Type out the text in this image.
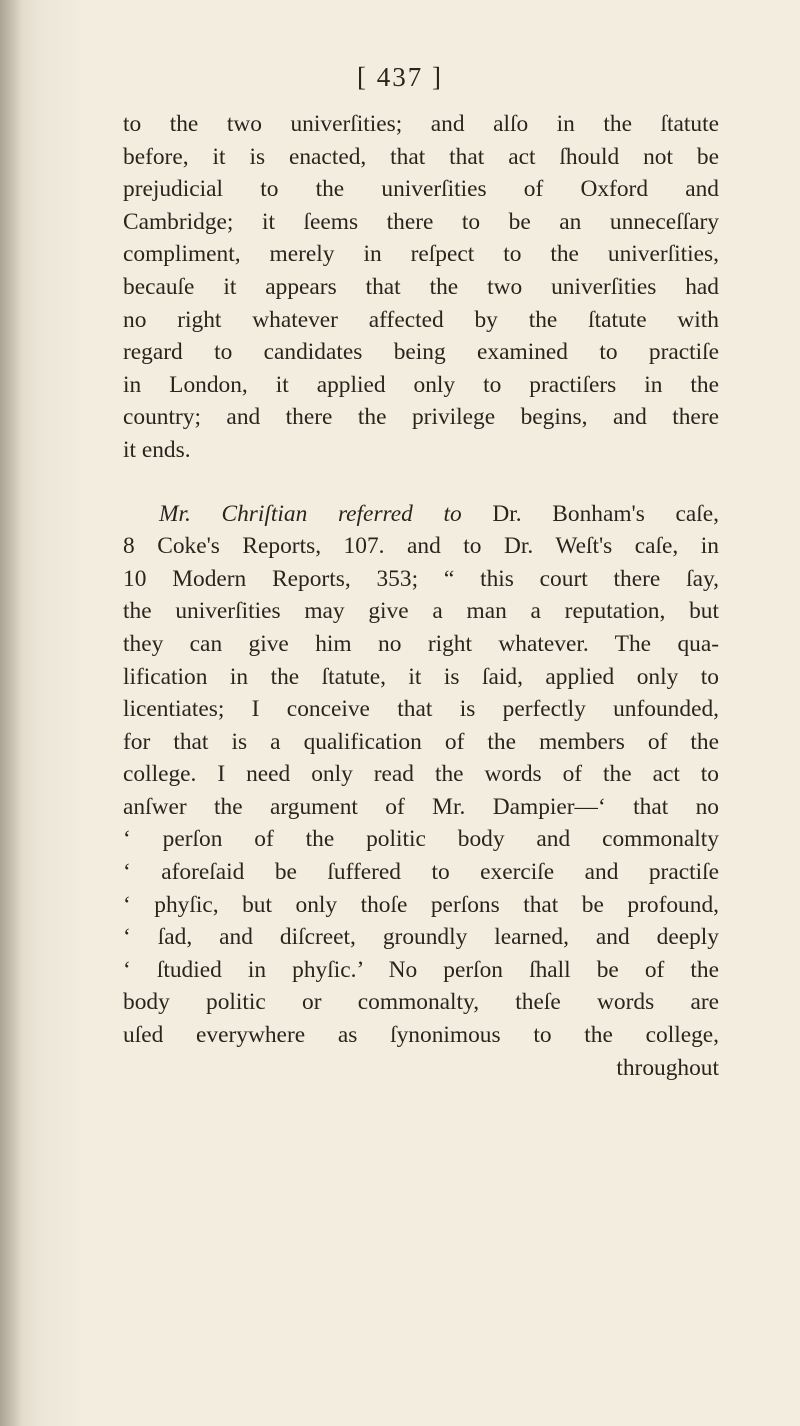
[ 437 ]
to the two univerſities; and alſo in the ſtatute
before, it is enacted, that that act ſhould not be
prejudicial to the univerſities of Oxford and
Cambridge; it ſeems there to be an unneceſſary
compliment, merely in reſpect to the univerſities,
becauſe it appears that the two univerſities had
no right whatever affected by the ſtatute with
regard to candidates being examined to practiſe
in London, it applied only to practiſers in the
country; and there the privilege begins, and there
it ends.
Mr. Chriſtian referred to Dr. Bonham's caſe,
8 Coke's Reports, 107. and to Dr. Weſt's caſe, in
10 Modern Reports, 353; “ this court there ſay,
the univerſities may give a man a reputation, but
they can give him no right whatever. The qua-
lification in the ſtatute, it is ſaid, applied only to
licentiates; I conceive that is perfectly unfounded,
for that is a qualification of the members of the
college. I need only read the words of the act to
anſwer the argument of Mr. Dampier—‘ that no
‘ perſon of the politic body and commonalty
‘ aforeſaid be ſuffered to exerciſe and practiſe
‘ phyſic, but only thoſe perſons that be profound,
‘ ſad, and diſcreet, groundly learned, and deeply
‘ ſtudied in phyſic.’ No perſon ſhall be of the
body politic or commonalty, theſe words are
uſed everywhere as ſynonimous to the college,
throughout
